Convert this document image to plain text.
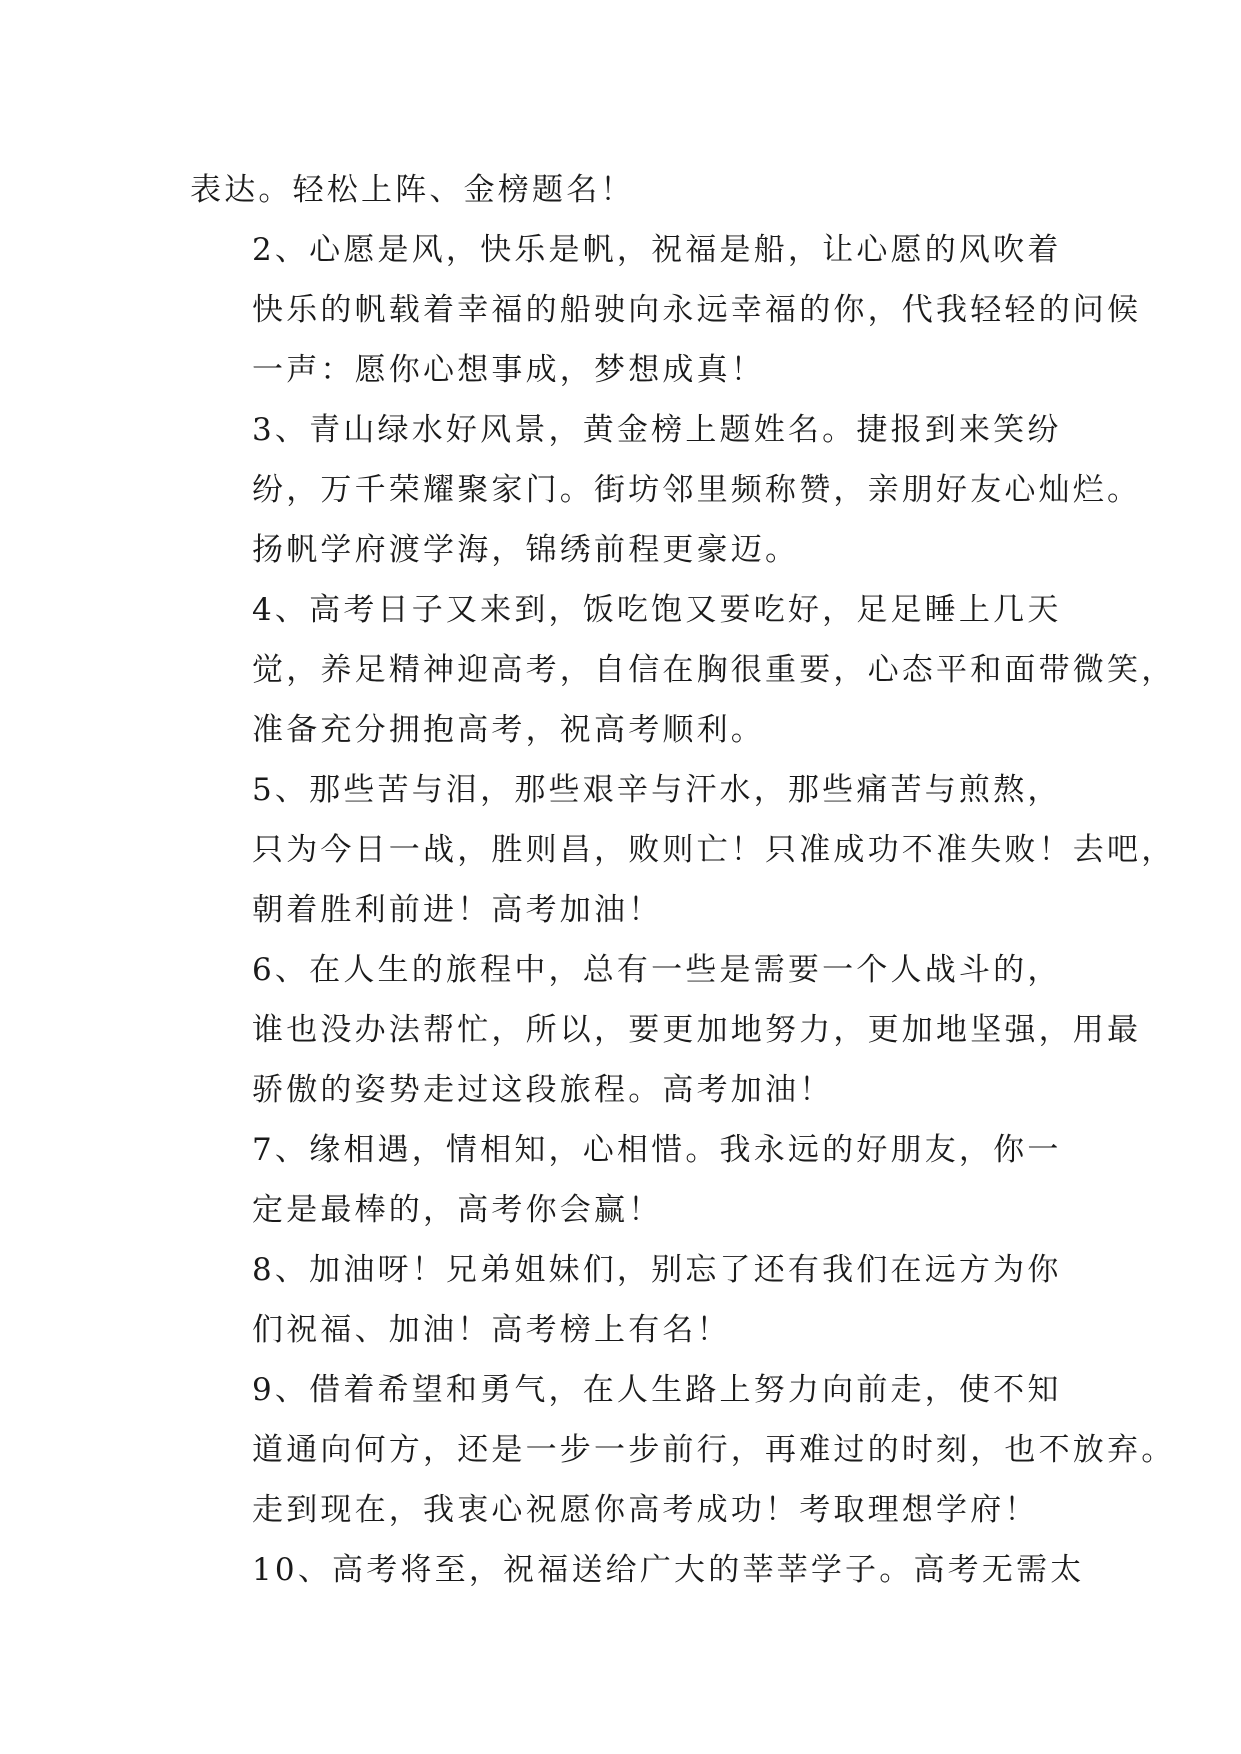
表达。轻松上阵、金榜题名！

2、心愿是风，快乐是帆，祝福是船，让心愿的风吹着
快乐的帆载着幸福的船驶向永远幸福的你，代我轻轻的问候
一声：愿你心想事成，梦想成真！

3、青山绿水好风景，黄金榜上题姓名。捷报到来笑纷
纷，万千荣耀聚家门。街坊邻里频称赞，亲朋好友心灿烂。
扬帆学府渡学海，锦绣前程更豪迈。

4、高考日子又来到，饭吃饱又要吃好，足足睡上几天
觉，养足精神迎高考，自信在胸很重要，心态平和面带微笑，
准备充分拥抱高考，祝高考顺利。

5、那些苦与泪，那些艰辛与汗水，那些痛苦与煎熬，
只为今日一战，胜则昌，败则亡！只准成功不准失败！去吧，
朝着胜利前进！高考加油！

6、在人生的旅程中，总有一些是需要一个人战斗的，
谁也没办法帮忙，所以，要更加地努力，更加地坚强，用最
骄傲的姿势走过这段旅程。高考加油！

7、缘相遇，情相知，心相惜。我永远的好朋友，你一
定是最棒的，高考你会赢！

8、加油呀！兄弟姐妹们，别忘了还有我们在远方为你
们祝福、加油！高考榜上有名！

9、借着希望和勇气，在人生路上努力向前走，使不知
道通向何方，还是一步一步前行，再难过的时刻，也不放弃。
走到现在，我衷心祝愿你高考成功！考取理想学府！

10、高考将至，祝福送给广大的莘莘学子。高考无需太
